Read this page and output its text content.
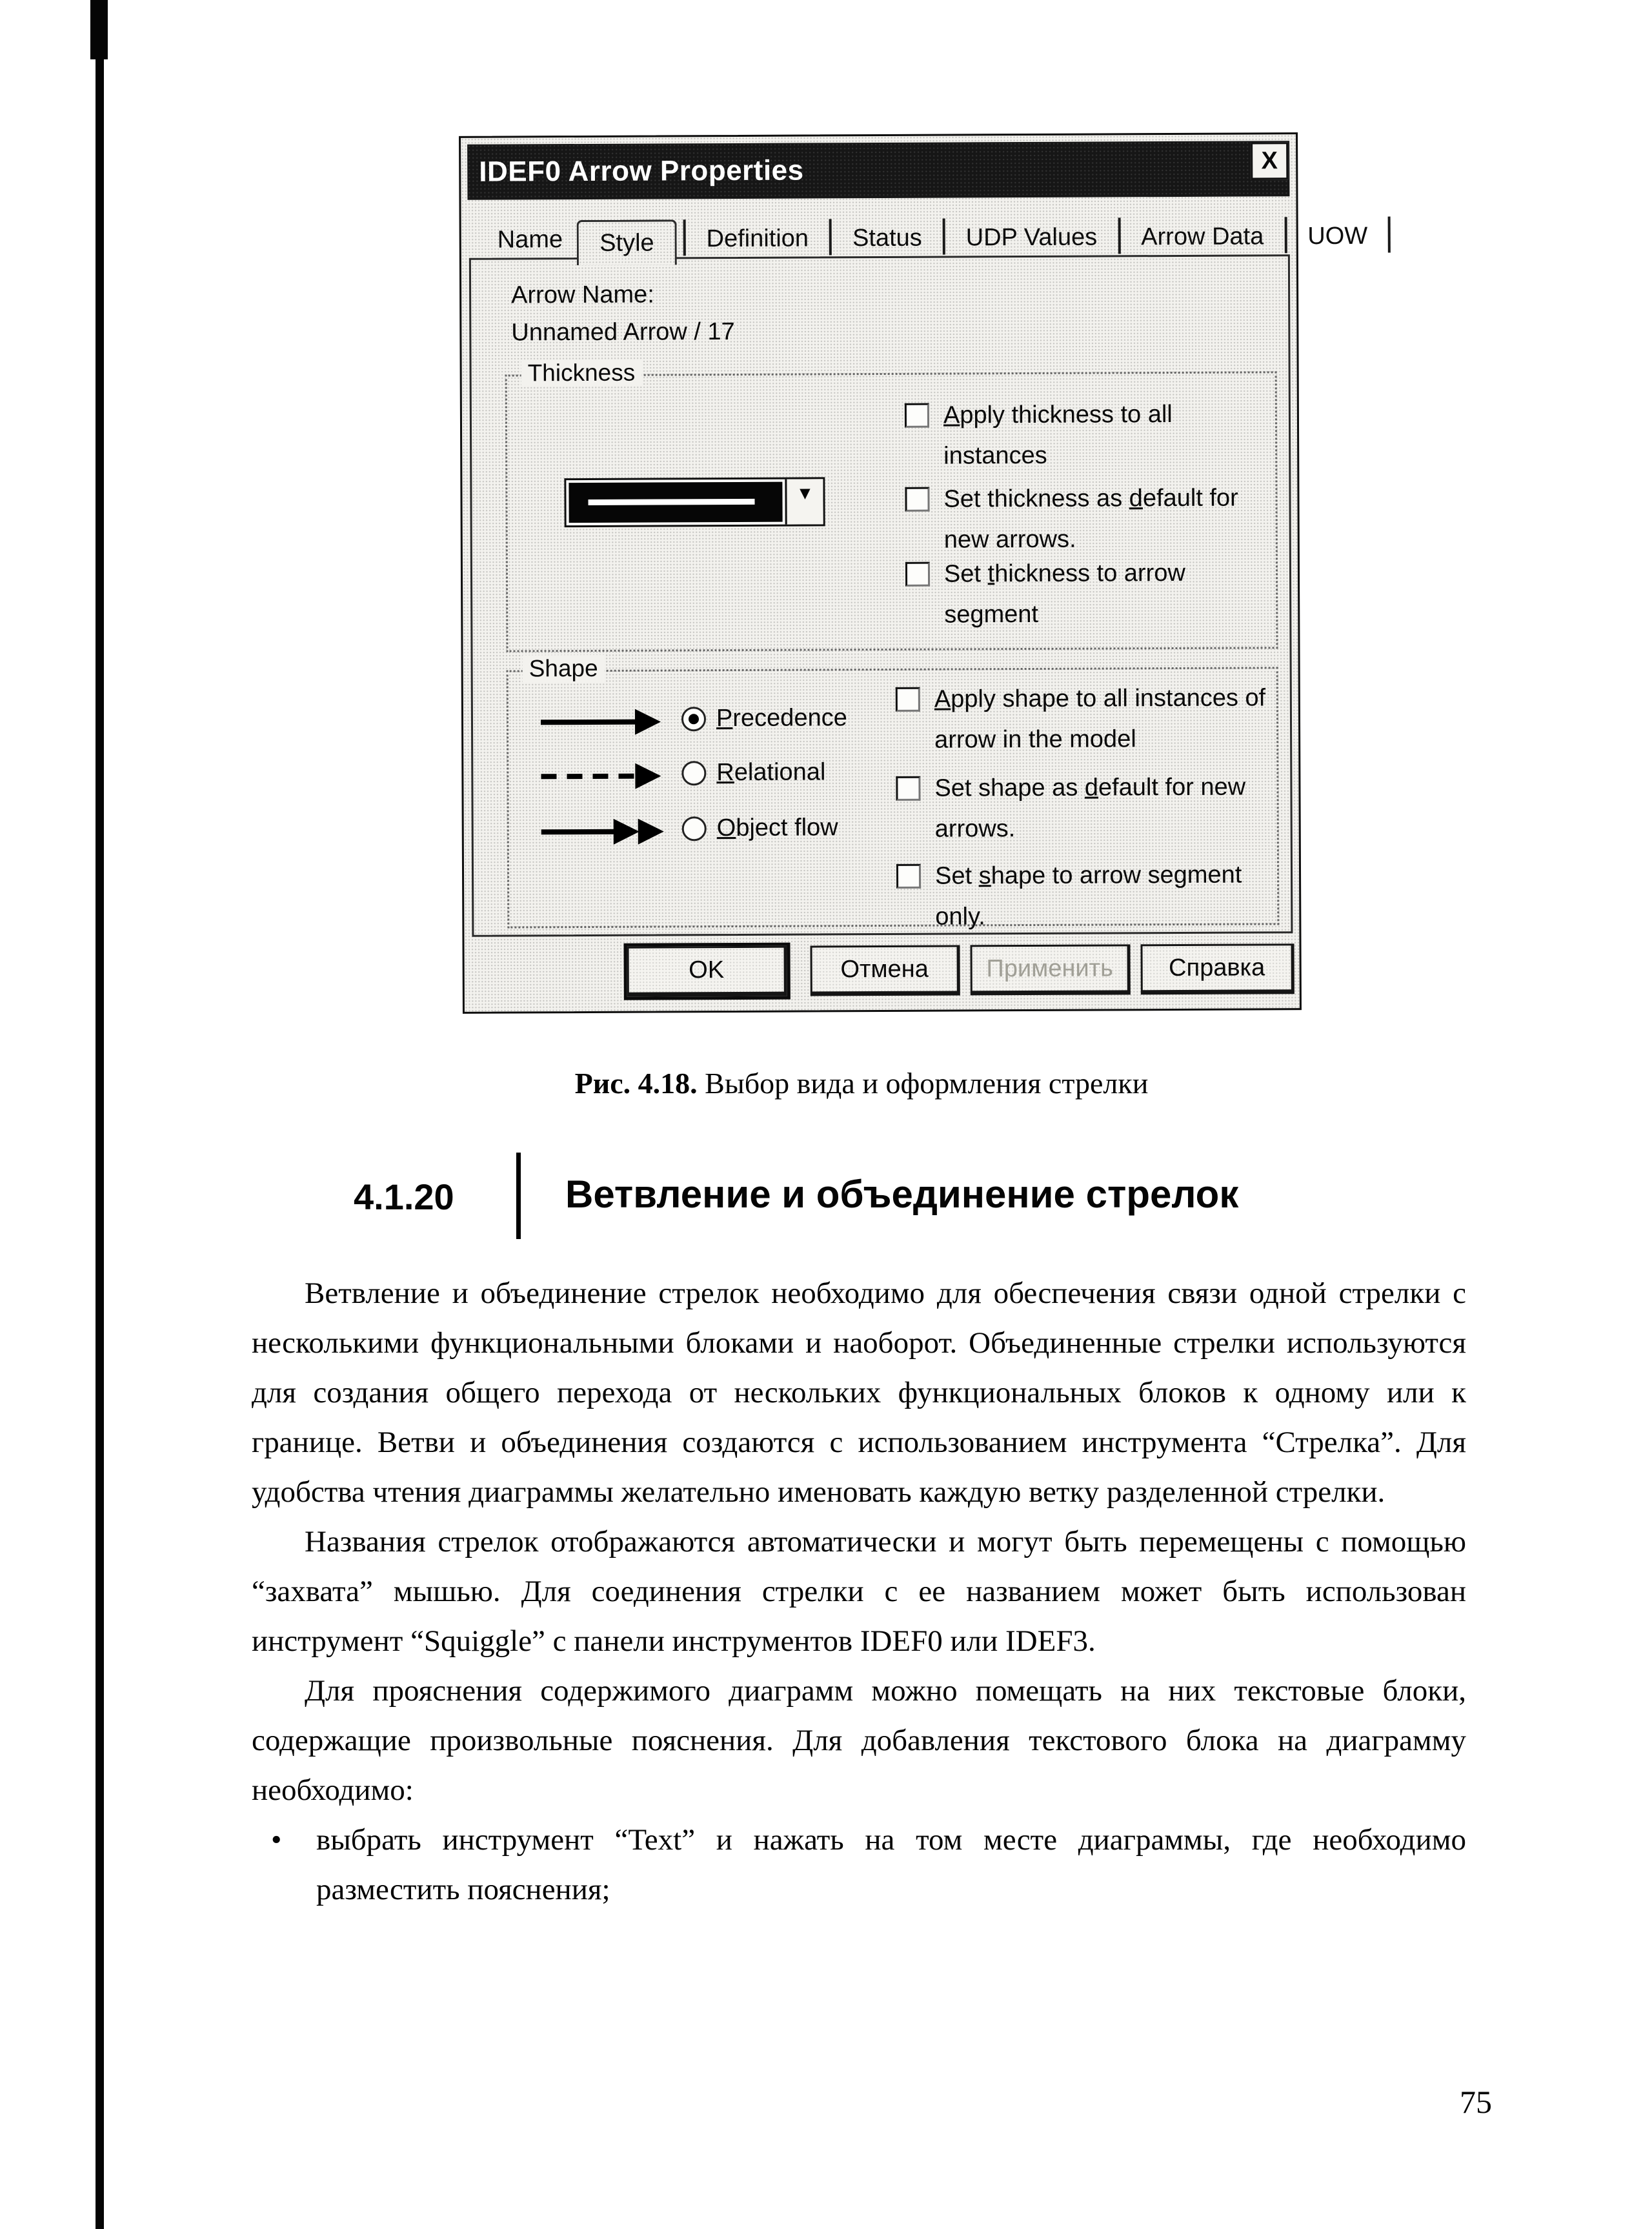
IDEF0 Arrow Properties	X
Name	Style	Definition	Status	UDP Values	Arrow Data	UOW
Arrow Name:
Unnamed Arrow / 17
Thickness
▼
Apply thickness to all instances
Set thickness as default for new arrows.
Set thickness to arrow segment
Shape
Precedence
Relational
Object flow
Apply shape to all instances of arrow in the model
Set shape as default for new arrows.
Set shape to arrow segment only.
OK	Отмена	Применить	Справка
Рис. 4.18. Выбор вида и оформления стрелки
4.1.20	Ветвление и объединение стрелок

Ветвление и объединение стрелок необходимо для обеспечения связи одной стрелки с несколькими функциональными блоками и наоборот. Объединенные стрелки используются для создания общего перехода от нескольких функциональных блоков к одному или к границе. Ветви и объединения создаются с использованием инструмента “Стрелка”. Для удобства чтения диаграммы желательно именовать каждую ветку разделенной стрелки.

Названия стрелок отображаются автоматически и могут быть перемещены с помощью “захвата” мышью. Для соединения стрелки с ее названием может быть использован инструмент “Squiggle” с панели инструментов IDEF0 или IDEF3.

Для прояснения содержимого диаграмм можно помещать на них текстовые блоки, содержащие произвольные пояснения. Для добавления текстового блока на диаграмму необходимо:

•	выбрать инструмент “Text” и нажать на том месте диаграммы, где необходимо разместить пояснения;
75
